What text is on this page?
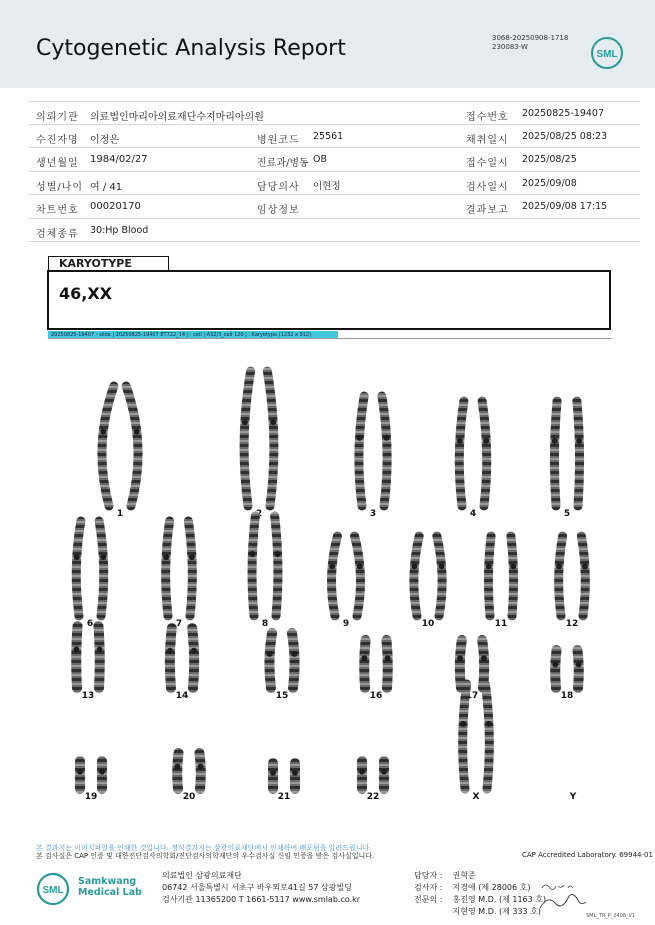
Cytogenetic Analysis Report	3068-20250908-1718
230083-W
SML
의뢰기관 의료법인마리아의료재단수지마리아의원	접수번호 20250825-19407
수진자명 이정은	병원코드 25561	채취일시 2025/08/25 08:23
생년월일 1984/02/27	진료과/병동 OB	접수일시 2025/08/25
성별/나이 여 / 41	담당의사 이현정	검사일시 2025/09/08
차트번호 00020170	임상정보	결과보고 2025/09/08 17:15
검체종류 30:Hp Blood
KARYOTYPE
46,XX
20250825-19407 - slide | 20250825-19407 ET722_14 | : cell | A32/3_cell 120 | : Karyotype (1232 x 912)
1	2	3	4	5
6	7	8	9	10	11	12
13	14	15	16	17	18
19	20	21	22	X	Y
본 결과지는 이미지파일을 인쇄한 것입니다. 정식결과지는 삼광의료재단에서 인쇄하여 배포됨을 알려드립니다.
본 검사실은 CAP 인증 및 대한진단검사의학회/진단검사의학재단의 우수검사실 신임 인증을 받은 검사실입니다.	CAP Accredited Laboratory. 69944-01
SML
Samkwang
Medical Lab
의료법인 삼광의료재단
06742 서울특별시 서초구 바우뫼로41길 57 삼광빌딩
검사기관 11365200 T 1661-5117 www.smlab.co.kr
담당자 : 권혁준
검사자 : 지경애 (제 28006 호)
전문의 : 홍진영 M.D. (제 1163 호)
지현영 M.D. (제 333 호)	SML_TR_P_2408_V1
